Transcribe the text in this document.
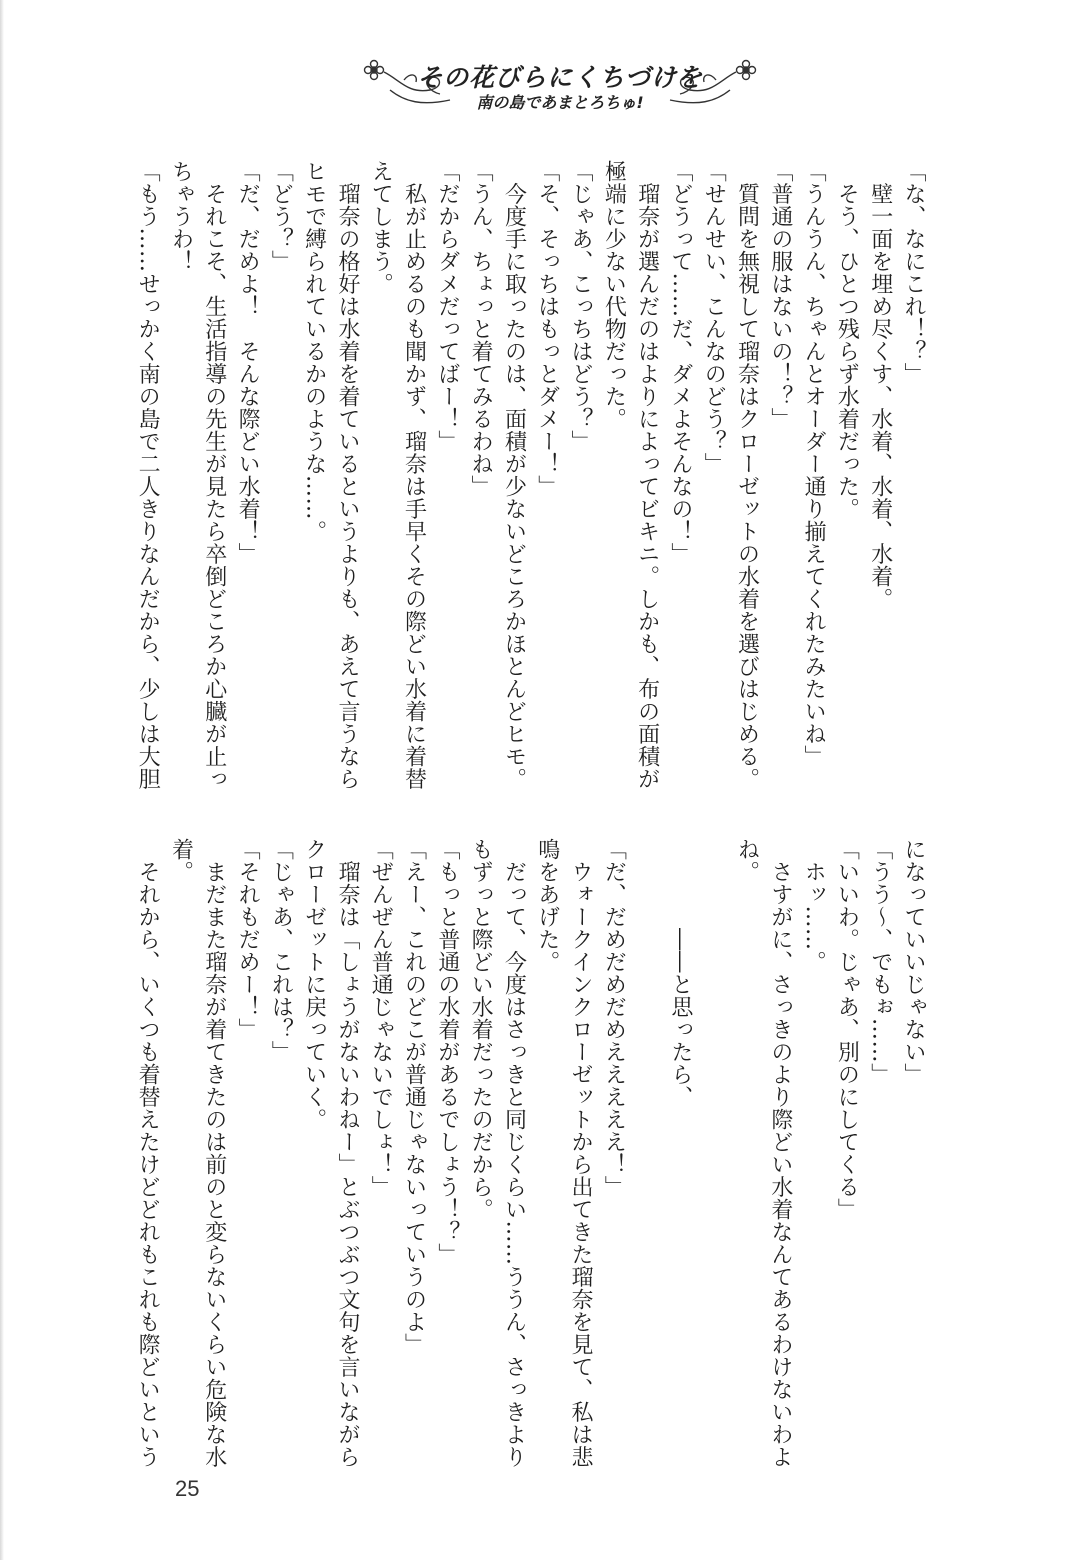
その花びらにくちづけを
南の島であまとろちゅ!
「な、なにこれ！？」
　壁一面を埋め尽くす、水着、水着、水着。
　そう、ひとつ残らず水着だった。
「うんうん、ちゃんとオーダー通り揃えてくれたみたいね」
「普通の服はないの！？」
　質問を無視して瑠奈はクローゼットの水着を選びはじめる。
「せんせい、こんなのどう？」
「どうって……だ、ダメよそんなの！」
　瑠奈が選んだのはよりによってビキニ。しかも、布の面積が
極端に少ない代物だった。
「じゃあ、こっちはどう？」
「そ、そっちはもっとダメー！」
　今度手に取ったのは、面積が少ないどころかほとんどヒモ。
「うん、ちょっと着てみるわね」
「だからダメだってばー！」
　私が止めるのも聞かず、瑠奈は手早くその際どい水着に着替
えてしまう。
　瑠奈の格好は水着を着ているというよりも、あえて言うなら
ヒモで縛られているかのような……。
「どう？」
「だ、だめよ！　そんな際どい水着！」
　それこそ、生活指導の先生が見たら卒倒どころか心臓が止っ
ちゃうわ！
「もう……せっかく南の島で二人きりなんだから、少しは大胆
になっていいじゃない」
「うう～、でもぉ……」
「いいわ。じゃあ、別のにしてくる」
　ホッ……。
　さすがに、さっきのより際どい水着なんてあるわけないわよ
ね。

　　　　――と思ったら、

「だ、だめだめだめえええええ！」
　ウォークインクローゼットから出てきた瑠奈を見て、私は悲
鳴をあげた。
　だって、今度はさっきと同じくらい……ううん、さっきより
もずっと際どい水着だったのだから。
「もっと普通の水着があるでしょう！？」
「えー、これのどこが普通じゃないっていうのよ」
「ぜんぜん普通じゃないでしょ！」
　瑠奈は「しょうがないわねー」とぶつぶつ文句を言いながら
クローゼットに戻っていく。
「じゃあ、これは？」
「それもだめー！」
　まだまた瑠奈が着てきたのは前のと変らないくらい危険な水
着。
　それから、いくつも着替えたけどどれもこれも際どいという
25
